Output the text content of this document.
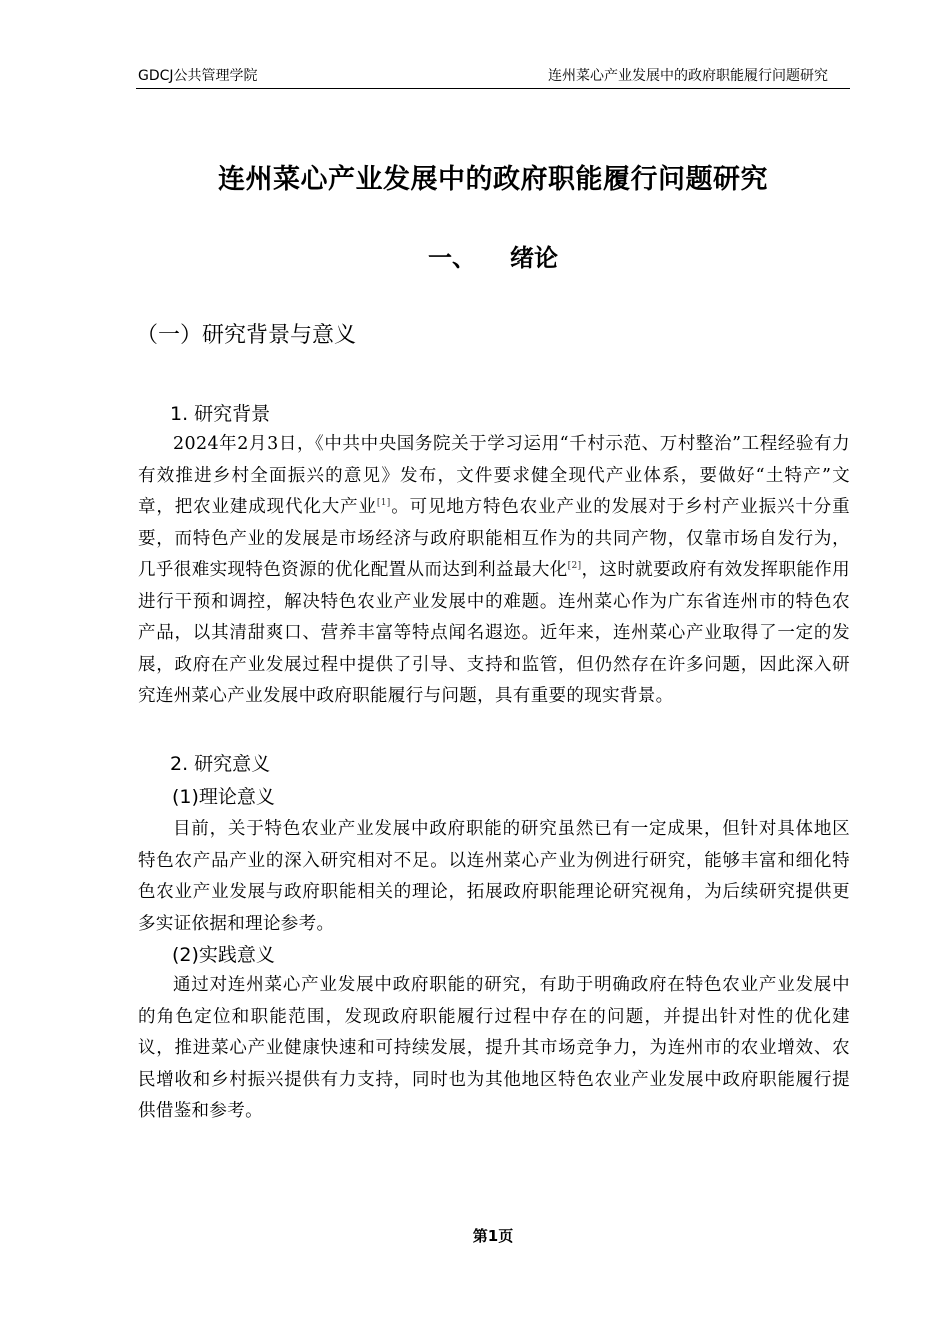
GDCJ公共管理学院	连州菜心产业发展中的政府职能履行问题研究
连州菜心产业发展中的政府职能履行问题研究
一、 绪论
（一）研究背景与意义
1. 研究背景

2024年2月3日，《中共中央国务院关于学习运用“千村示范、万村整治”工程经验有力有效推进乡村全面振兴的意见》发布，文件要求健全现代产业体系，要做好“土特产”文章，把农业建成现代化大产业[1]。可见地方特色农业产业的发展对于乡村产业振兴十分重要，而特色产业的发展是市场经济与政府职能相互作为的共同产物，仅靠市场自发行为，几乎很难实现特色资源的优化配置从而达到利益最大化[2]，这时就要政府有效发挥职能作用进行干预和调控，解决特色农业产业发展中的难题。连州菜心作为广东省连州市的特色农产品，以其清甜爽口、营养丰富等特点闻名遐迩。近年来，连州菜心产业取得了一定的发展，政府在产业发展过程中提供了引导、支持和监管，但仍然存在许多问题，因此深入研究连州菜心产业发展中政府职能履行与问题，具有重要的现实背景。

2. 研究意义
(1)理论意义

目前，关于特色农业产业发展中政府职能的研究虽然已有一定成果，但针对具体地区特色农产品产业的深入研究相对不足。以连州菜心产业为例进行研究，能够丰富和细化特色农业产业发展与政府职能相关的理论，拓展政府职能理论研究视角，为后续研究提供更多实证依据和理论参考。

(2)实践意义

通过对连州菜心产业发展中政府职能的研究，有助于明确政府在特色农业产业发展中的角色定位和职能范围，发现政府职能履行过程中存在的问题，并提出针对性的优化建议，推进菜心产业健康快速和可持续发展，提升其市场竞争力，为连州市的农业增效、农民增收和乡村振兴提供有力支持，同时也为其他地区特色农业产业发展中政府职能履行提供借鉴和参考。

第1页
